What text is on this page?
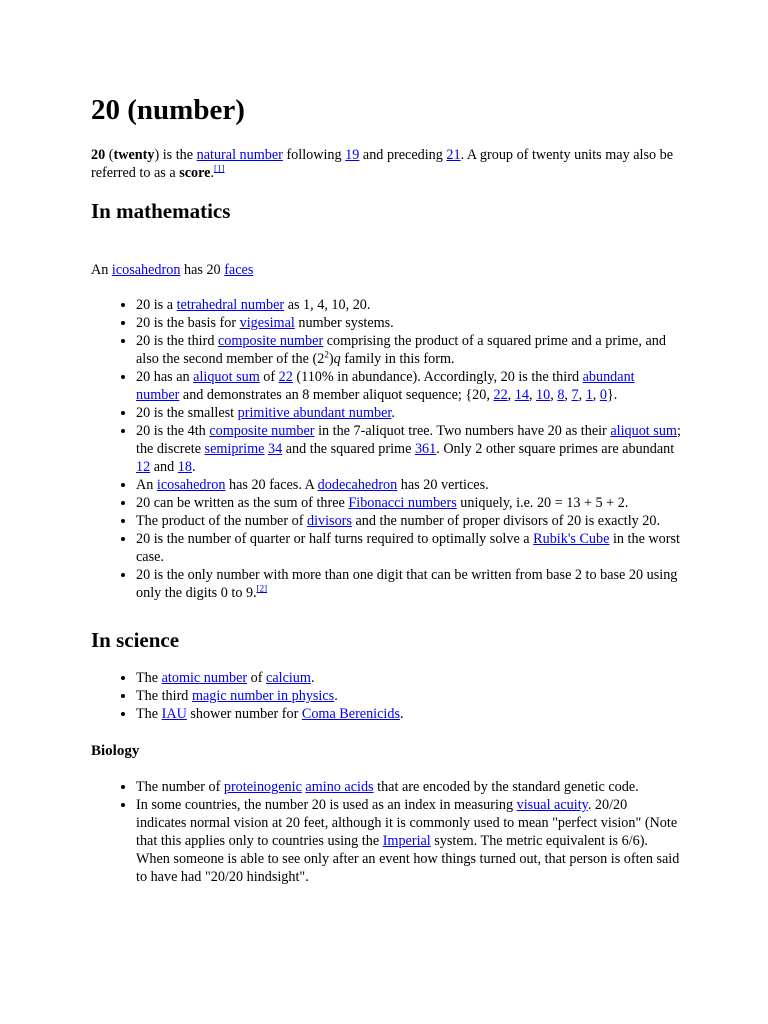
20 (number)

20 (twenty) is the natural number following 19 and preceding 21. A group of twenty units may also be referred to as a score.[1]

In mathematics

An icosahedron has 20 faces

• 20 is a tetrahedral number as 1, 4, 10, 20.
• 20 is the basis for vigesimal number systems.
• 20 is the third composite number comprising the product of a squared prime and a prime, and also the second member of the $(2^2)q$ family in this form.
• 20 has an aliquot sum of 22 (110% in abundance). Accordingly, 20 is the third abundant number and demonstrates an 8 member aliquot sequence; {20, 22, 14, 10, 8, 7, 1, 0}.
• 20 is the smallest primitive abundant number.
• 20 is the 4th composite number in the 7-aliquot tree. Two numbers have 20 as their aliquot sum; the discrete semiprime 34 and the squared prime 361. Only 2 other square primes are abundant 12 and 18.
• An icosahedron has 20 faces. A dodecahedron has 20 vertices.
• 20 can be written as the sum of three Fibonacci numbers uniquely, i.e. 20 = 13 + 5 + 2.
• The product of the number of divisors and the number of proper divisors of 20 is exactly 20.
• 20 is the number of quarter or half turns required to optimally solve a Rubik's Cube in the worst case.
• 20 is the only number with more than one digit that can be written from base 2 to base 20 using only the digits 0 to 9.[2]
In science
• The atomic number of calcium.
• The third magic number in physics.
• The IAU shower number for Coma Berenicids.
Biology
• The number of proteinogenic amino acids that are encoded by the standard genetic code.
• In some countries, the number 20 is used as an index in measuring visual acuity. 20/20 indicates normal vision at 20 feet, although it is commonly used to mean "perfect vision" (Note that this applies only to countries using the Imperial system. The metric equivalent is 6/6). When someone is able to see only after an event how things turned out, that person is often said to have had "20/20 hindsight".
